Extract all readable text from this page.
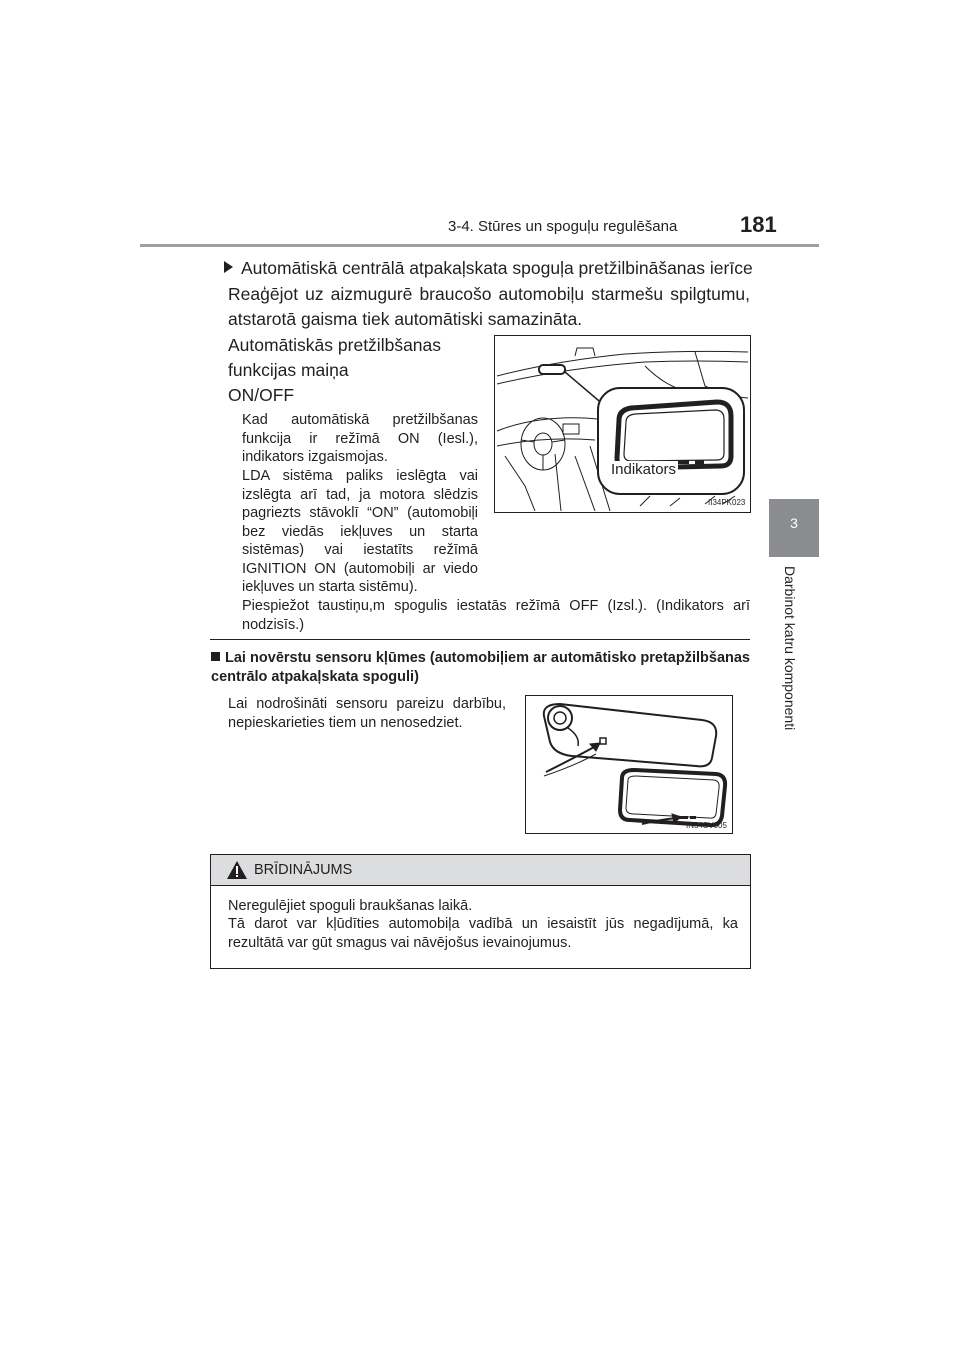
3-4. Stūres un spoguļu regulēšana	181
3
Darbinot katru komponenti
Automātiskā centrālā atpakaļskata spoguļa pretžilbināšanas ierīce
Reaģējot uz aizmugurē braucošo automobiļu starmešu spilgtumu, atstarotā gaisma tiek automātiski samazināta.
Automātiskās pretžilbšanas
funkcijas maiņa
ON/OFF
Kad automātiskā pretžilbšanas funkcija ir režīmā ON (Iesl.), indikators izgaismojas.
LDA sistēma paliks ieslēgta vai izslēgta arī tad, ja motora slēdzis pagriezts stāvoklī “ON” (automobiļi bez viedās iekļuves un starta sistēmas) vai iestatīts režīmā IGNITION ON (automobiļi ar viedo iekļuves un starta sistēmu).
Piespiežot taustiņu,m spogulis iestatās režīmā OFF (Izsl.). (Indikators arī nodzisīs.)
Indikators
II34PK023
Lai novērstu sensoru kļūmes (automobiļiem ar automātisko pretapžilbšanas centrālo atpakaļskata spoguli)
Lai nodrošināti sensoru pareizu darbību, nepieskarieties tiem un nenosedziet.
IN34SV005
BRĪDINĀJUMS
Neregulējiet spoguli braukšanas laikā.
Tā darot var kļūdīties automobiļa vadībā un iesaistīt jūs negadījumā, ka rezultātā var gūt smagus vai nāvējošus ievainojumus.
